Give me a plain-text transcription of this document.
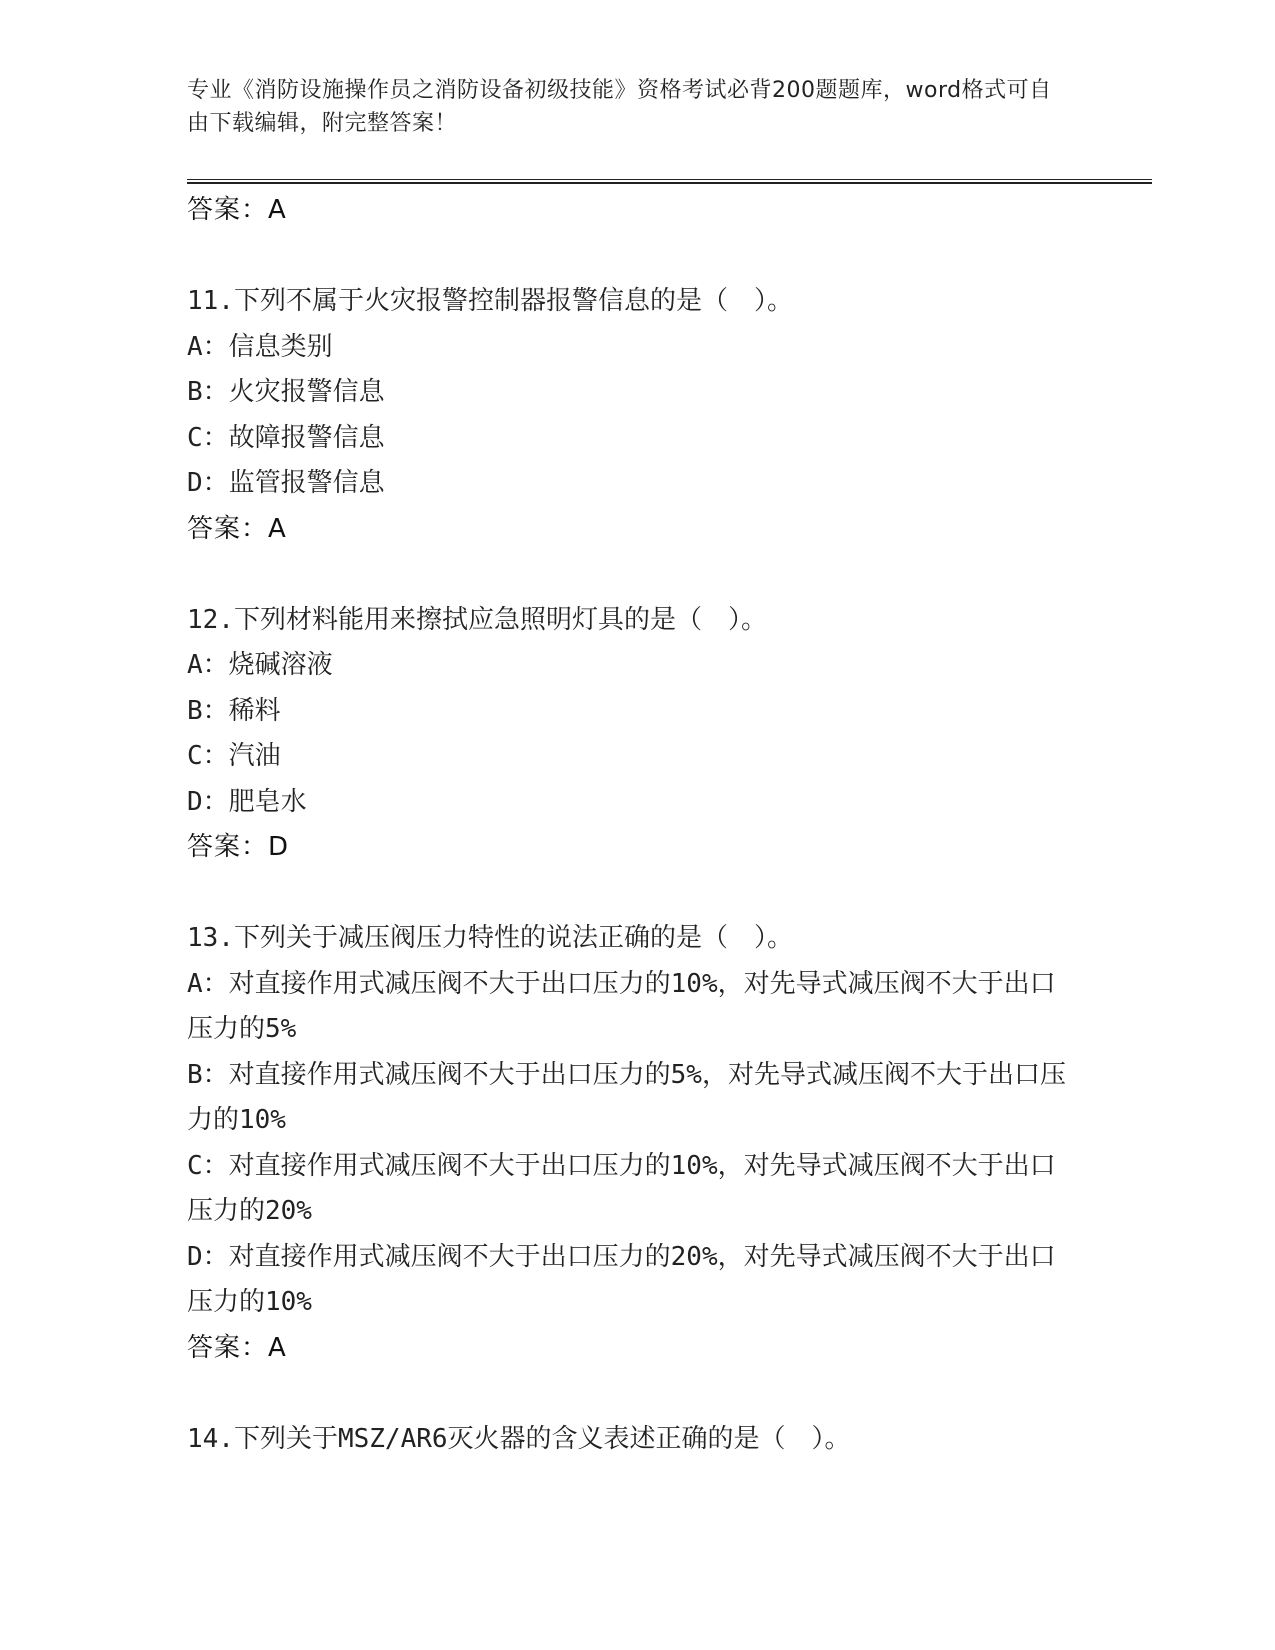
专业《消防设施操作员之消防设备初级技能》资格考试必背200题题库，word格式可自由下载编辑，附完整答案！
答案：A
11.下列不属于火灾报警控制器报警信息的是（　）。
A：信息类别
B：火灾报警信息
C：故障报警信息
D：监管报警信息
答案：A
12.下列材料能用来擦拭应急照明灯具的是（　）。
A：烧碱溶液
B：稀料
C：汽油
D：肥皂水
答案：D
13.下列关于减压阀压力特性的说法正确的是（　）。
A：对直接作用式减压阀不大于出口压力的10%，对先导式减压阀不大于出口压力的5%
B：对直接作用式减压阀不大于出口压力的5%，对先导式减压阀不大于出口压力的10%
C：对直接作用式减压阀不大于出口压力的10%，对先导式减压阀不大于出口压力的20%
D：对直接作用式减压阀不大于出口压力的20%，对先导式减压阀不大于出口压力的10%
答案：A
14.下列关于MSZ/AR6灭火器的含义表述正确的是（　）。
